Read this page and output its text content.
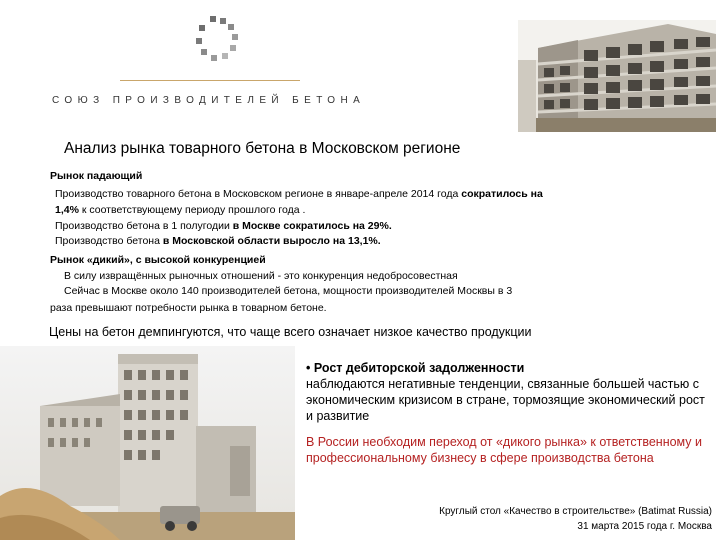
СОЮЗ ПРОИЗВОДИТЕЛЕЙ БЕТОНА
Анализ рынка товарного бетона в Московском регионе
Рынок падающий
Производство товарного бетона в Московском регионе в январе-апреле 2014 года сократилось на
1,4% к соответствующему периоду прошлого года .
Производство бетона в 1 полугодии в Москве сократилось на 29%.
Производство бетона в Московской области выросло на 13,1%.
Рынок «дикий», с высокой конкуренцией
В силу извращённых рыночных отношений - это конкуренция недобросовестная
Сейчас в Москве около 140 производителей бетона, мощности производителей Москвы в 3
раза превышают потребности рынка в товарном бетоне.
Цены на бетон демпингуются, что чаще всего означает низкое качество продукции
• Рост дебиторской задолженности
наблюдаются негативные тенденции, связанные большей частью с экономическим кризисом в стране, тормозящие экономический рост и развитие
В России необходим переход от «дикого рынка» к ответственному и профессиональному бизнесу в сфере производства бетона
Круглый стол «Качество в строительстве» (Batimat Russia)
31 марта 2015 года г. Москва
